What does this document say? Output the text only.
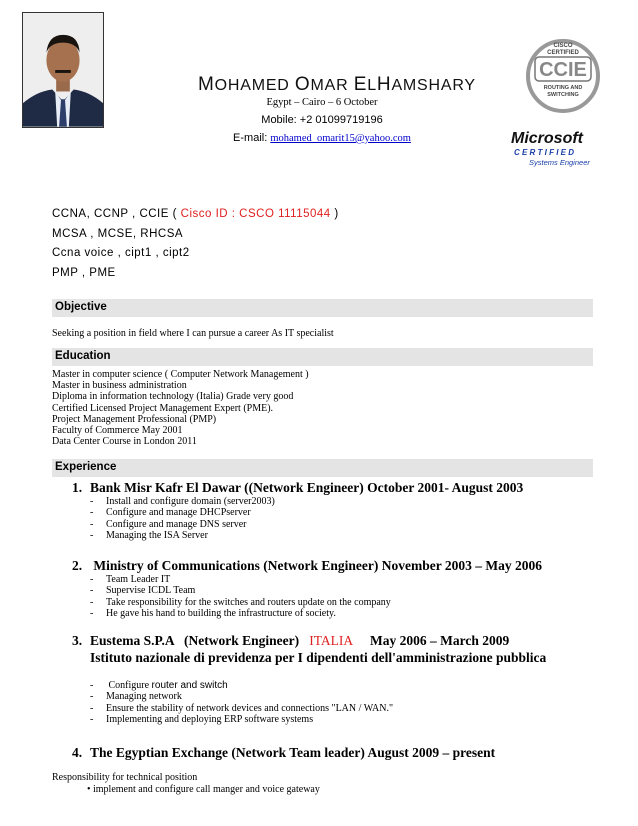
CISCO
CERTIFIED
CCIE
ROUTING AND
SWITCHING
Microsoft
C E R T I F I E D
Systems Engineer
MOHAMED OMAR ELHAMSHARY
Egypt – Cairo – 6 October
Mobile: +2 01099719196
E-mail: mohamed_omarit15@yahoo.com
CCNA, CCNP , CCIE ( Cisco ID : CSCO 11115044 )
MCSA , MCSE, RHCSA
Ccna voice , cipt1 , cipt2
PMP , PME
Objective
Seeking a position in field where I can pursue a career As IT specialist
Education
Master in computer science ( Computer Network Management )
Master in business administration
Diploma in information technology (Italia) Grade very good
Certified Licensed Project Management Expert (PME).
Project Management Professional (PMP)
Faculty of Commerce May 2001
Data Center Course in London 2011
Experience
1. Bank Misr Kafr El Dawar ((Network Engineer) October 2001- August 2003
-	Install and configure domain (server2003)
-	Configure and manage DHCPserver
-	Configure and manage DNS server
-	Managing the ISA Server
2. Ministry of Communications (Network Engineer) November 2003 – May 2006
-	Team Leader IT
-	Supervise ICDL Team
-	Take responsibility for the switches and routers update on the company
-	He gave his hand to building the infrastructure of society.
3. Eustema S.P.A   (Network Engineer)   ITALIA     May 2006 – March 2009
Istituto nazionale di previdenza per I dipendenti dell'amministrazione pubblica
-	Configure router and switch
-	Managing network
-	Ensure the stability of network devices and connections "LAN / WAN."
-	Implementing and deploying ERP software systems
4. The Egyptian Exchange (Network Team leader) August 2009 – present
Responsibility for technical position
• implement and configure call manger and voice gateway
